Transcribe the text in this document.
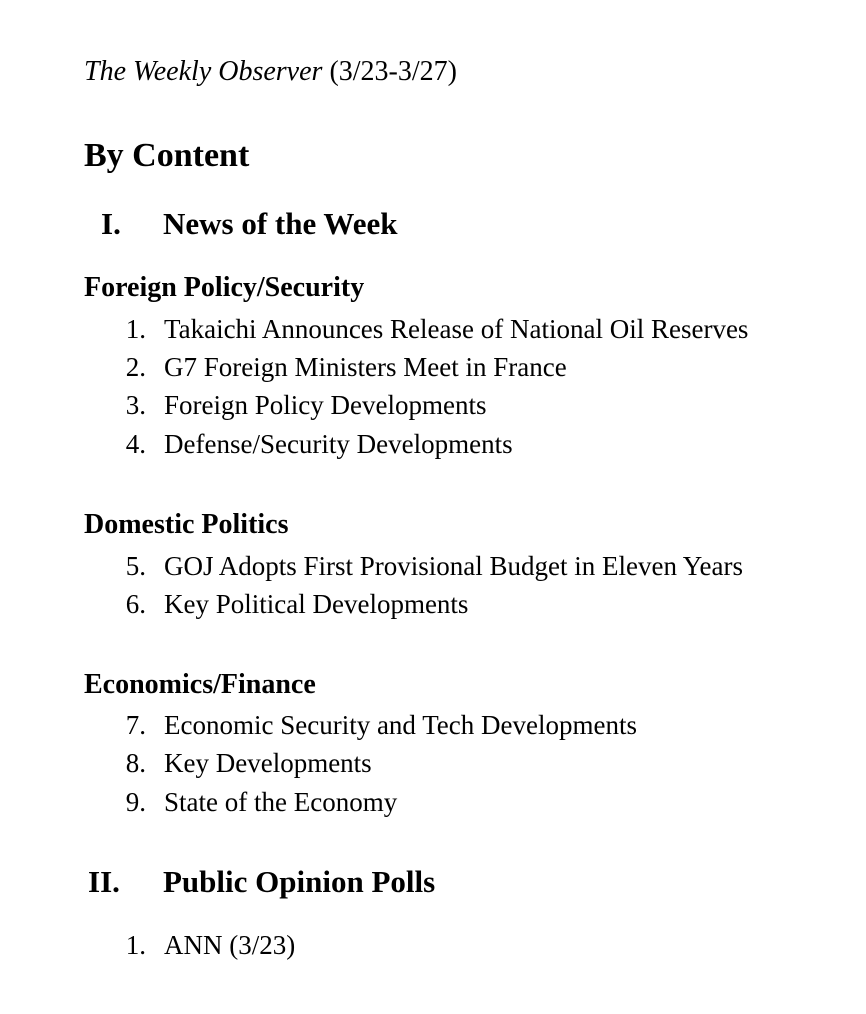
The Weekly Observer (3/23-3/27)
By Content
I. News of the Week
Foreign Policy/Security
1. Takaichi Announces Release of National Oil Reserves
2. G7 Foreign Ministers Meet in France
3. Foreign Policy Developments
4. Defense/Security Developments
Domestic Politics
5. GOJ Adopts First Provisional Budget in Eleven Years
6. Key Political Developments
Economics/Finance
7. Economic Security and Tech Developments
8. Key Developments
9. State of the Economy
II. Public Opinion Polls
1. ANN (3/23)
